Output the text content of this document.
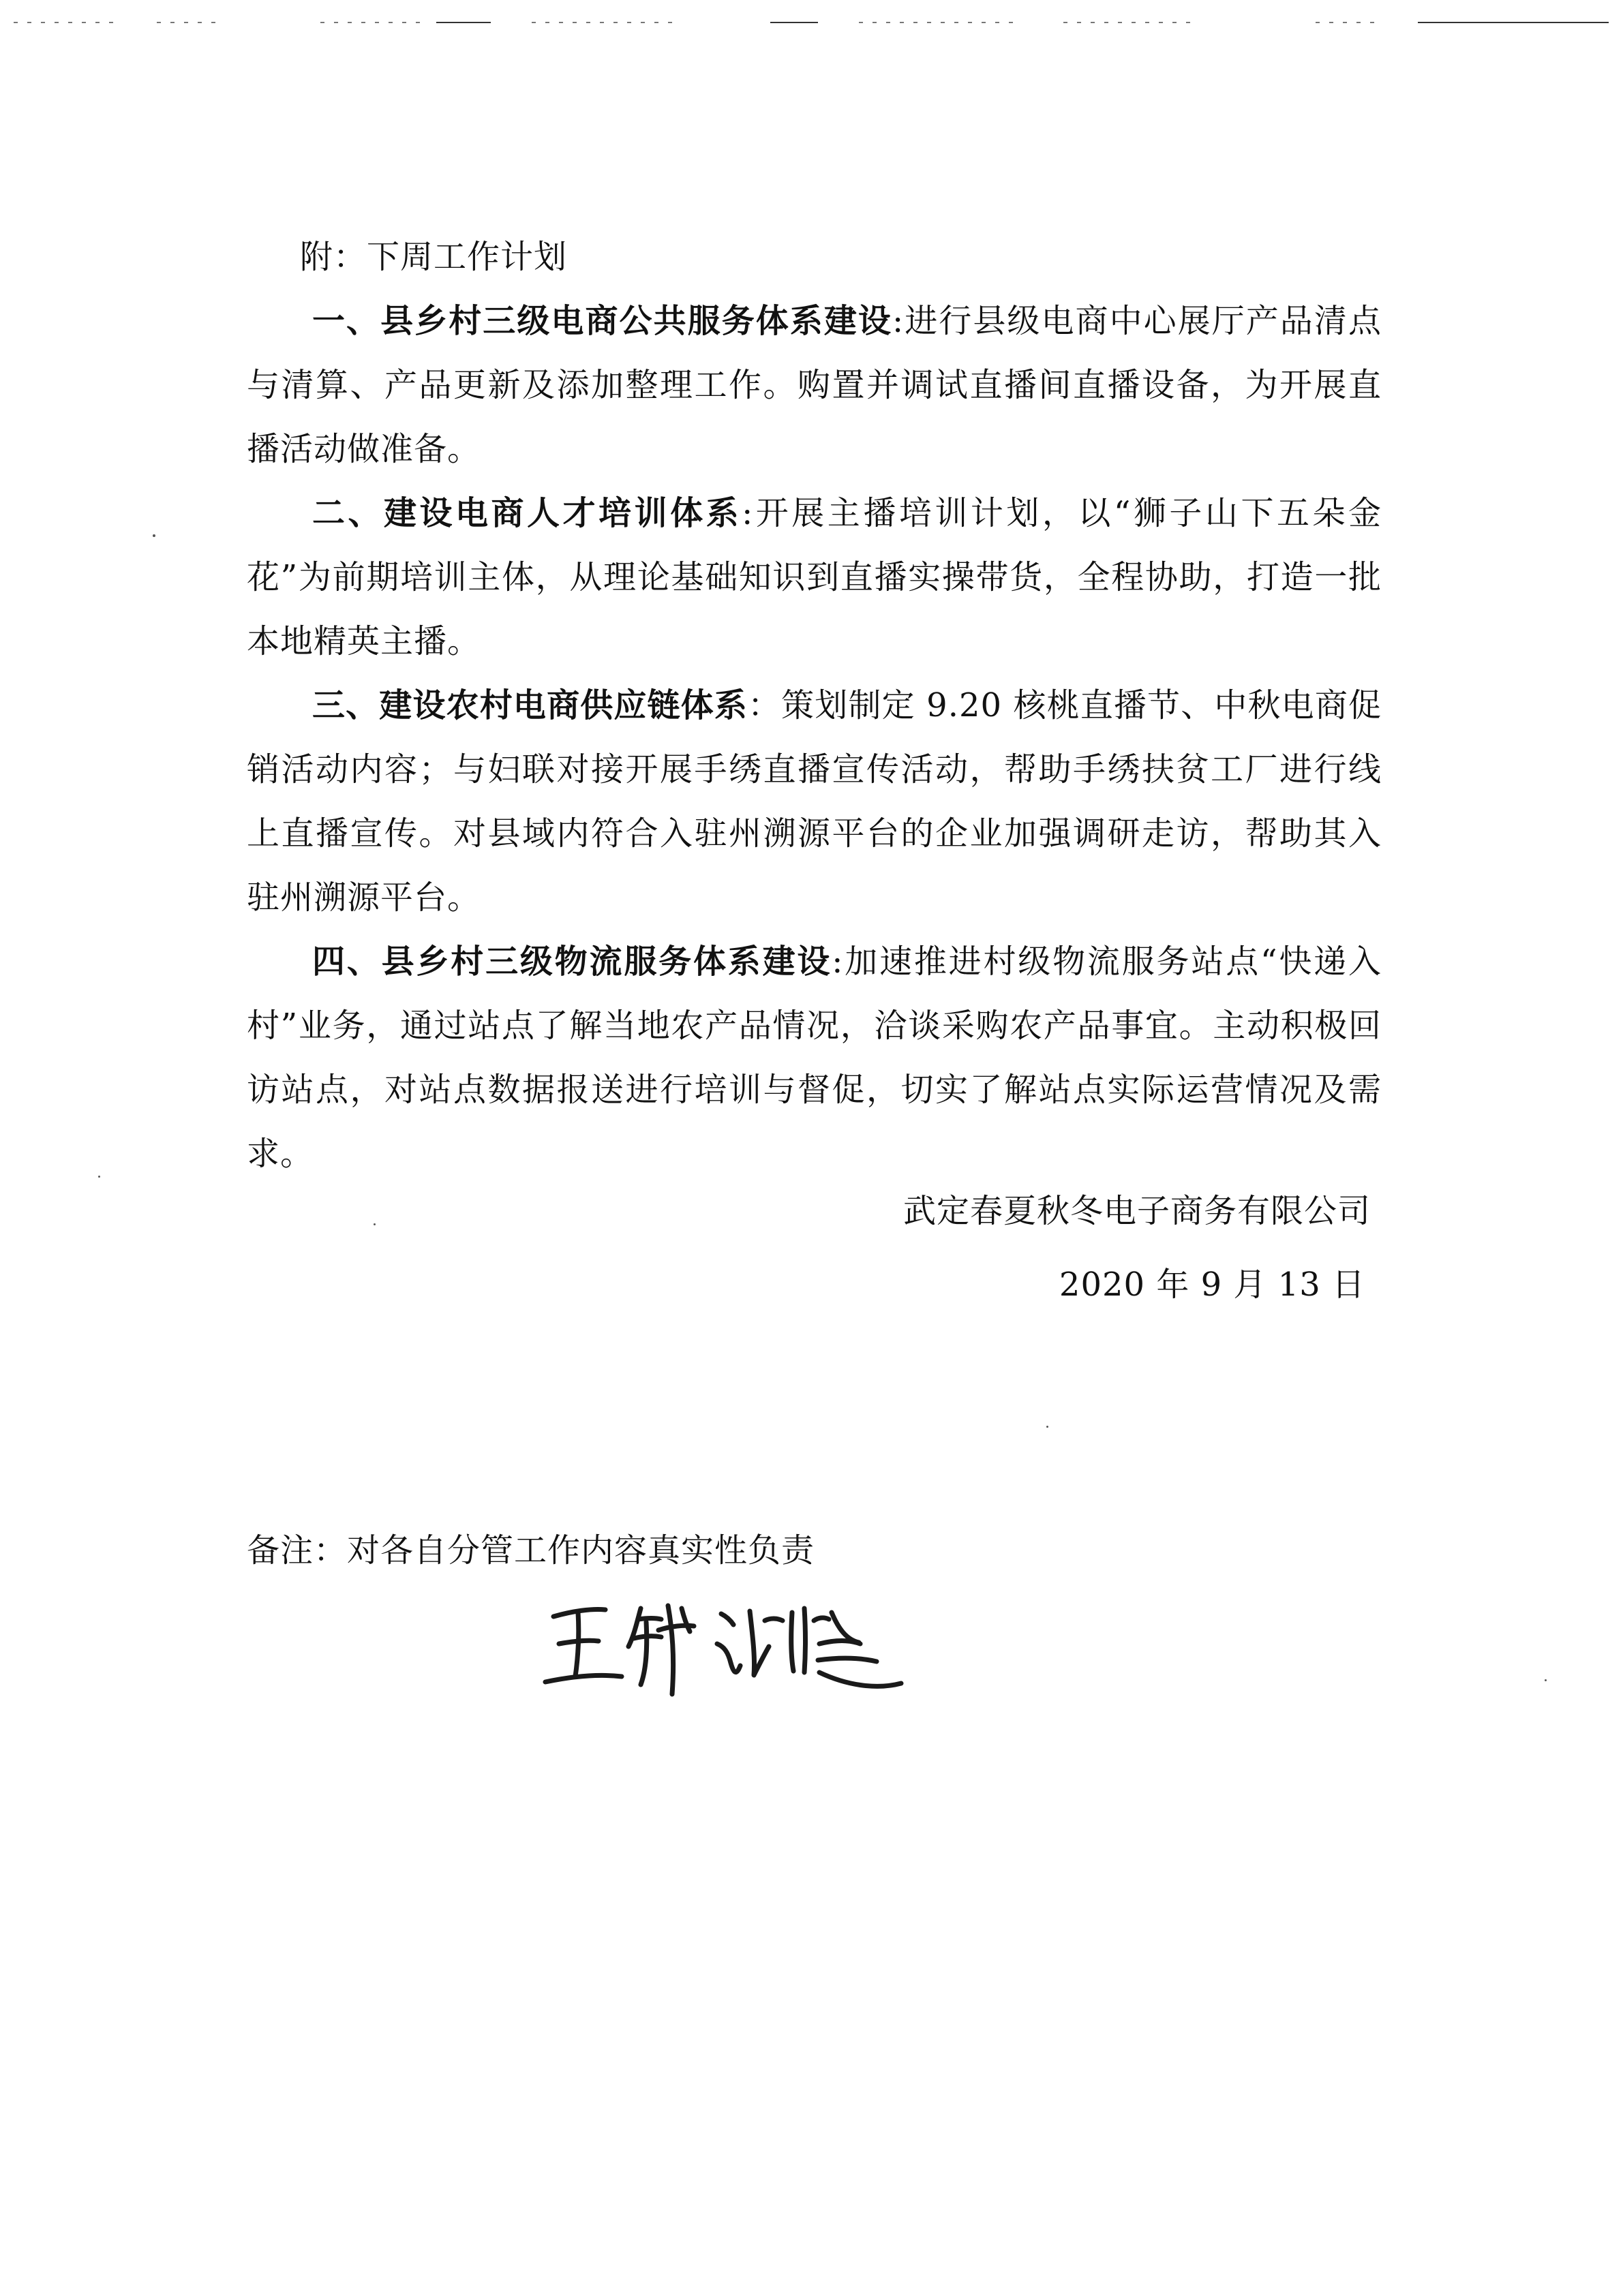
附：下周工作计划

一、县乡村三级电商公共服务体系建设:进行县级电商中心展厅产品清点与清算、产品更新及添加整理工作。购置并调试直播间直播设备，为开展直播活动做准备。

二、建设电商人才培训体系:开展主播培训计划，以“狮子山下五朵金花”为前期培训主体，从理论基础知识到直播实操带货，全程协助，打造一批本地精英主播。

三、建设农村电商供应链体系：策划制定 9.20 核桃直播节、中秋电商促销活动内容；与妇联对接开展手绣直播宣传活动，帮助手绣扶贫工厂进行线上直播宣传。对县域内符合入驻州溯源平台的企业加强调研走访，帮助其入驻州溯源平台。

四、县乡村三级物流服务体系建设:加速推进村级物流服务站点“快递入村”业务，通过站点了解当地农产品情况，洽谈采购农产品事宜。主动积极回访站点，对站点数据报送进行培训与督促，切实了解站点实际运营情况及需求。

武定春夏秋冬电子商务有限公司
2020 年 9 月 13 日
备注：对各自分管工作内容真实性负责
